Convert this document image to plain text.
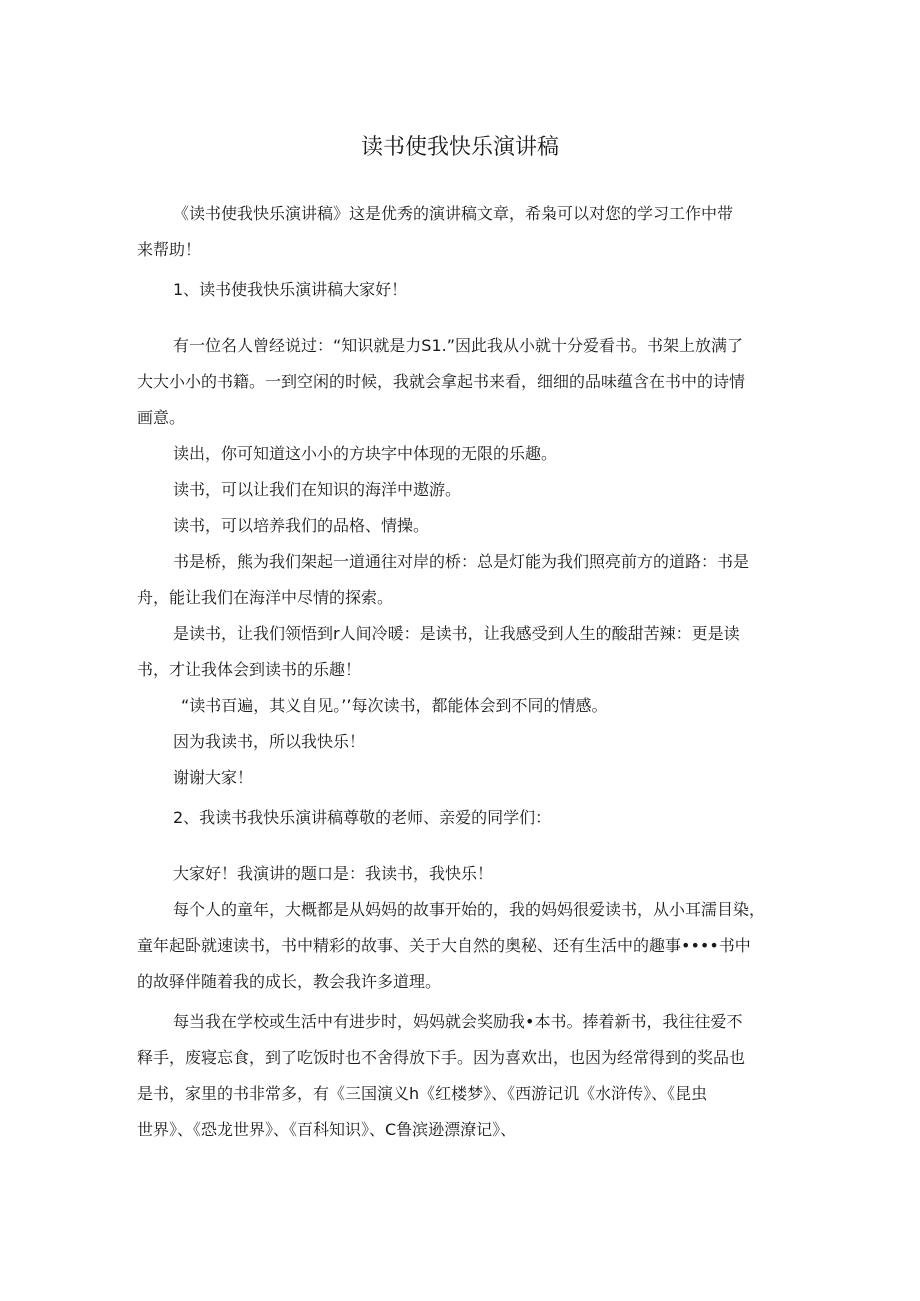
读书使我快乐演讲稿
《读书使我快乐演讲稿》这是优秀的演讲稿文章，希枭可以对您的学习工作中带
来帮助！
1、读书使我快乐演讲稿大家好！
有一位名人曾经说过：“知识就是力S1.”因此我从小就十分爱看书。书架上放满了
大大小小的书籍。一到空闲的时候，我就会拿起书来看，细细的品味蕴含在书中的诗情
画意。
读出，你可知道这小小的方块字中体现的无限的乐趣。
读书，可以让我们在知识的海洋中遨游。
读书，可以培养我们的品格、情操。
书是桥，熊为我们架起一道通往对岸的桥：总是灯能为我们照亮前方的道路：书是
舟，能让我们在海洋中尽情的探索。
是读书，让我们领悟到r人间冷暖：是读书，让我感受到人生的酸甜苦辣：更是读
书，才让我体会到读书的乐趣！
“读书百遍，其义自见。’’每次读书，都能体会到不同的情感。
因为我读书，所以我快乐！
谢谢大家！
2、我读书我快乐演讲稿尊敬的老师、亲爱的同学们：
大家好！我演讲的题口是：我读书，我快乐！
每个人的童年，大概都是从妈妈的故事开始的，我的妈妈很爱读书，从小耳濡目染，
童年起卧就速读书，书中精彩的故事、关于大自然的奥秘、还有生活中的趣事••••书中
的故驿伴随着我的成长，教会我许多道理。
每当我在学校或生活中有进步时，妈妈就会奖励我•本书。捧着新书，我往往爱不
释手，废寝忘食，到了吃饭时也不舍得放下手。因为喜欢出，也因为经常得到的奖品也
是书，家里的书非常多，有《三国演义h《红楼梦》、《西游记讥《水浒传》、《昆虫
世界》、《恐龙世界》、《百科知识》、C鲁滨逊漂潦记》、
